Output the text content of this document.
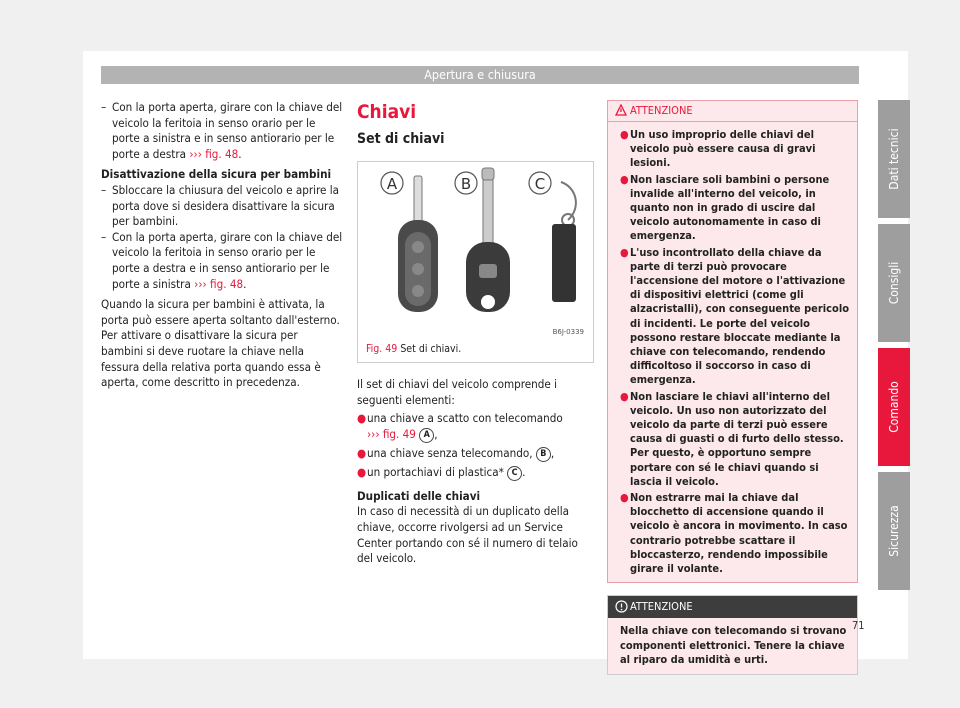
Apertura e chiusura
– Con la porta aperta, girare con la chiave del veicolo la feritoia in senso orario per le porte a sinistra e in senso antiorario per le porte a destra ››› fig. 48.
Disattivazione della sicura per bambini
– Sbloccare la chiusura del veicolo e aprire la porta dove si desidera disattivare la sicura per bambini.
– Con la porta aperta, girare con la chiave del veicolo la feritoia in senso orario per le porte a destra e in senso antiorario per le porte a sinistra ››› fig. 48.
Quando la sicura per bambini è attivata, la porta può essere aperta soltanto dall'esterno. Per attivare o disattivare la sicura per bambini si deve ruotare la chiave nella fessura della relativa porta quando essa è aperta, come descritto in precedenza.
Chiavi
Set di chiavi
A	B	C
B6J-0339
Fig. 49 Set di chiavi.
Il set di chiavi del veicolo comprende i seguenti elementi:
● una chiave a scatto con telecomando
››› fig. 49 A ,
● una chiave senza telecomando, B ,
● un portachiavi di plastica* C .
Duplicati delle chiavi
In caso di necessità di un duplicato della chiave, occorre rivolgersi ad un Service Center portando con sé il numero di telaio del veicolo.
ATTENZIONE
● Un uso improprio delle chiavi del veicolo può essere causa di gravi lesioni.
● Non lasciare soli bambini o persone invalide all'interno del veicolo, in quanto non in grado di uscire dal veicolo autonomamente in caso di emergenza.
● L'uso incontrollato della chiave da parte di terzi può provocare l'accensione del motore o l'attivazione di dispositivi elettrici (come gli alzacristalli), con conseguente pericolo di incidenti. Le porte del veicolo possono restare bloccate mediante la chiave con telecomando, rendendo difficoltoso il soccorso in caso di emergenza.
● Non lasciare le chiavi all'interno del veicolo. Un uso non autorizzato del veicolo da parte di terzi può essere causa di guasti o di furto dello stesso. Per questo, è opportuno sempre portare con sé le chiavi quando si lascia il veicolo.
● Non estrarre mai la chiave dal blocchetto di accensione quando il veicolo è ancora in movimento. In caso contrario potrebbe scattare il bloccasterzo, rendendo impossibile girare il volante.
ATTENZIONE
Nella chiave con telecomando si trovano componenti elettronici. Tenere la chiave al riparo da umidità e urti.
Dati tecnici
Consigli
Comando
Sicurezza
71
